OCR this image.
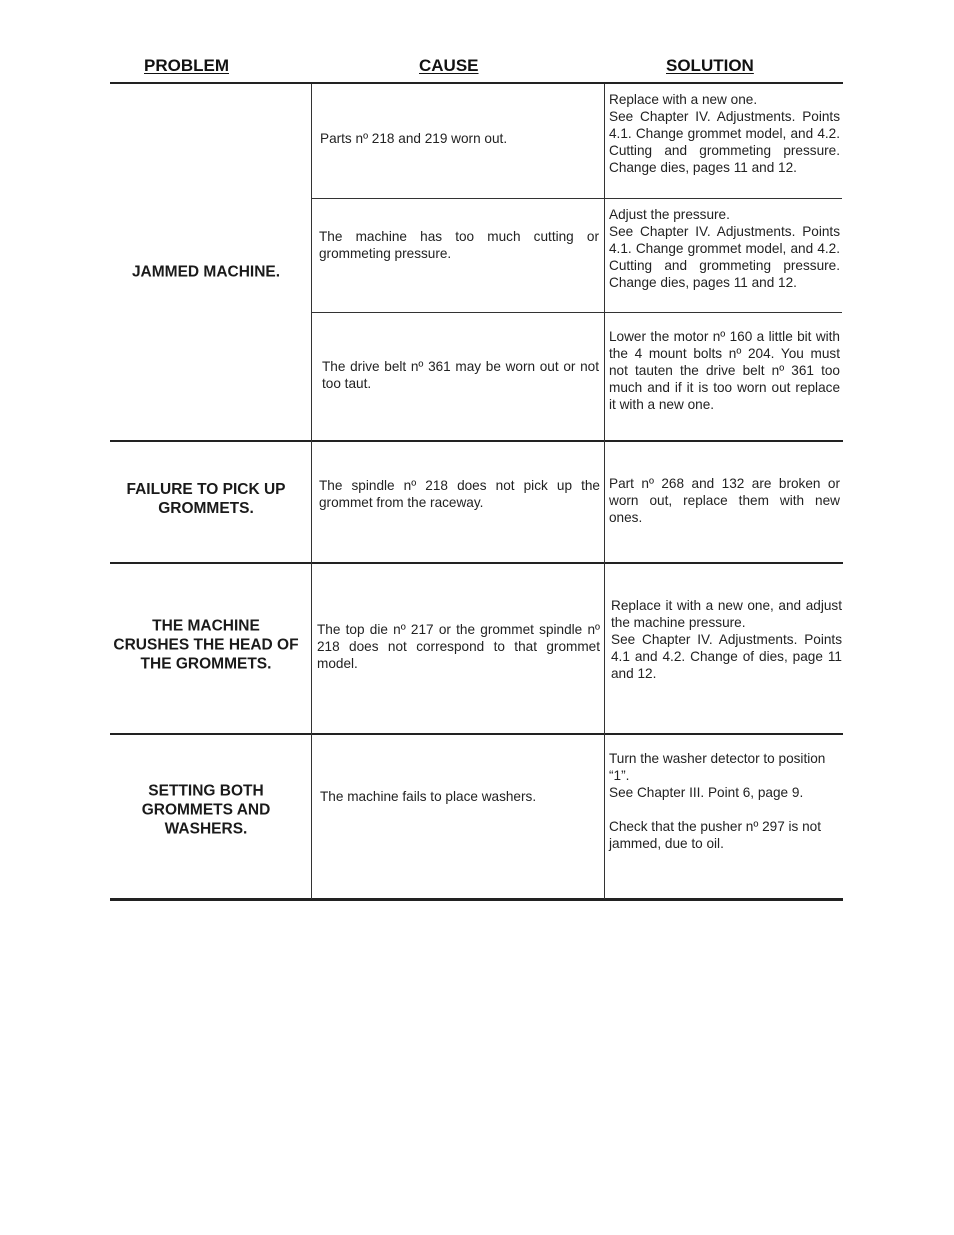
PROBLEM	CAUSE	SOLUTION
JAMMED MACHINE.

Parts nº 218 and 219 worn out.

Replace with a new one.

See Chapter IV. Adjustments. Points 4.1. Change grommet model, and 4.2. Cutting and grommeting pressure. Change dies, pages 11 and 12.

The machine has too much cutting or grommeting pressure.

Adjust the pressure.

See Chapter IV. Adjustments. Points 4.1. Change grommet model, and 4.2. Cutting and grommeting pressure. Change dies, pages 11 and 12.

The drive belt nº 361 may be worn out or not too taut.

Lower the motor nº 160 a little bit with the 4 mount bolts nº 204. You must not tauten the drive belt nº 361 too much and if it is too worn out replace it with a new one.

FAILURE TO PICK UP
GROMMETS.

The spindle nº 218 does not pick up the grommet from the raceway.

Part nº 268 and 132 are broken or worn out, replace them with new ones.

THE MACHINE
CRUSHES THE HEAD OF
THE GROMMETS.

The top die nº 217 or the grommet spindle nº 218 does not correspond to that grommet model.

Replace it with a new one, and adjust the machine pressure.

See Chapter IV. Adjustments. Points 4.1 and 4.2. Change of dies, page 11 and 12.

SETTING BOTH
GROMMETS AND
WASHERS.

The machine fails to place washers.

Turn the washer detector to position “1”.

See Chapter III. Point 6, page 9.

Check that the pusher nº 297 is not jammed, due to oil.
